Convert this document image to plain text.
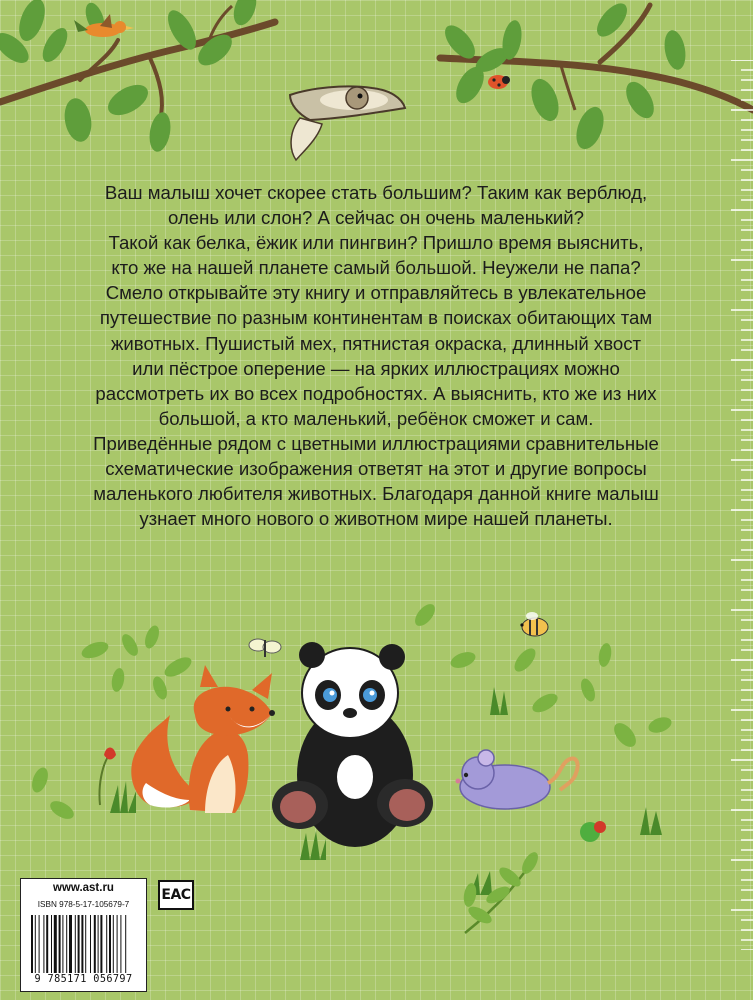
Ваш малыш хочет скорее стать большим? Таким как верблюд,

олень или слон? А сейчас он очень маленький?

Такой как белка, ёжик или пингвин? Пришло время выяснить,

кто же на нашей планете самый большой. Неужели не папа?

Смело открывайте эту книгу и отправляйтесь в увлекательное

путешествие по разным континентам в поисках обитающих там

животных. Пушистый мех, пятнистая окраска, длинный хвост

или пёстрое оперение — на ярких иллюстрациях можно

рассмотреть их во всех подробностях. А выяснить, кто же из них

большой, а кто маленький, ребёнок сможет и сам.

Приведённые рядом с цветными иллюстрациями сравнительные

схематические изображения ответят на этот и другие вопросы

маленького любителя животных. Благодаря данной книге малыш

узнает много нового о животном мире нашей планеты.

www.ast.ru
ISBN 978-5-17-105679-7
9 785171 056797
EAC
